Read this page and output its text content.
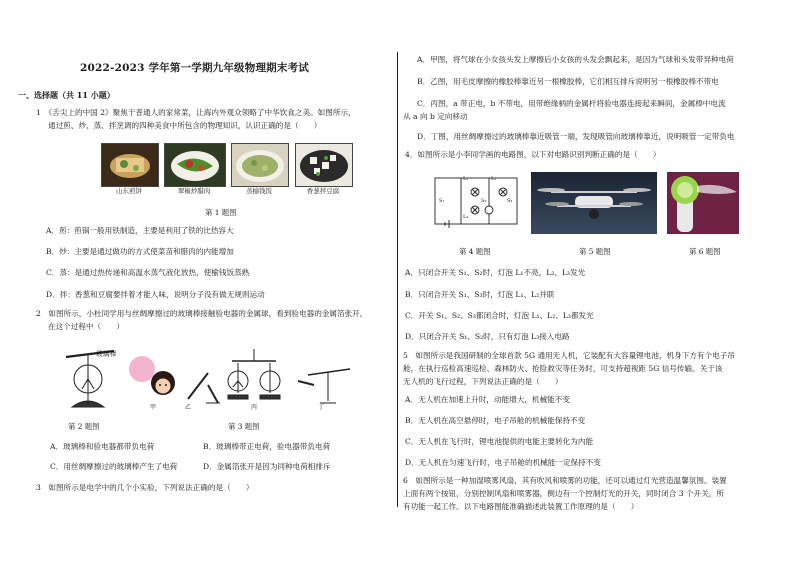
2022-2023 学年第一学期九年级物理期末考试
一、选择题（共 11 小题）
1　《舌尖上的中国 2》聚焦于普通人的家常菜，让海内外观众领略了中华饮食之美。如图所示，
通过煎、炒、蒸、拌烹调的四种美食中所包含的物理知识，认识正确的是（　　）
山东煎饼	翠椒炒腊肉	蒸榆钱饭	香葱拌豆腐
第 1 题图
A．煎：煎锅一般用铁制造，主要是利用了铁的比热容大
B．炒：主要是通过做功的方式使菜苗和腊肉的内能增加
C．蒸：是通过热传递和高温水蒸气液化放热，使榆钱饭蒸熟
D．拌：香葱和豆腐要拌着才能入味，说明分子没有做无规则运动
2　如图所示，小杜同学用与丝绸摩擦过的玻璃棒接触验电器的金属球，看到验电器的金属箔张开，
在这个过程中（　　）
玻璃棒
甲	乙	丙	丁
第 2 题图	第 3 题图
A．玻璃棒和验电器都带负电荷	B．玻璃棒带正电荷，验电器带负电荷
C．用丝绸摩擦过的玻璃棒产生了电荷	D．金属箔张开是因为同种电荷相排斥
3　如图所示是电学中的几个小实验，下列说法正确的是（　　）
A．甲图，将气球在小女孩头发上摩擦后小女孩的头发会飘起来，是因为气球和头发带异种电荷
B．乙图，用毛皮摩擦的橡胶棒靠近另一根橡胶棒，它们相互排斥说明另一根橡胶棒不带电
C．丙图，a 带正电，b 不带电，用带绝缘柄的金属杆将验电器连接起来瞬间，金属棒中电流
从 a 向 b 定向移动
D．丁图，用丝绸摩擦过的玻璃棒靠近吸管一端，发现吸管向玻璃棒靠近，说明吸管一定带负电
4．如图所示是小李同学画的电路图，以下对电路识别判断正确的是（　　）
L₁	L₂
L₃
S₁	S₂	S₃
第 4 题图	第 5 题图	第 6 题图
A．只闭合开关 S₁、S₂时，灯泡 L₁不亮，L₂、L₃发光
B．只闭合开关 S₁、S₃时，灯泡 L₁、L₂并联
C．开关 S₁、S₂、S₃都闭合时，灯泡 L₁、L₂、L₃都发光
D．只闭合开关 S₁、S₂时，只有灯泡 L₃接入电路
5　如图所示是我国研制的全球首款 5G 通用无人机，它装配有大容量锂电池，机身下方有个电子吊
舱，在执行巡检高速巡检、森林防火、抢险救灾等任务时，可支持超视距 5G 信号传输。关于该
无人机的飞行过程，下列说法正确的是（　　）
A．无人机在加速上升时，动能增大，机械能不变
B．无人机在高空悬停时，电子吊舱的机械能保持不变
C．无人机在飞行时，锂电池提供的电能主要转化为内能
D．无人机在匀速飞行时，电子吊舱的机械能一定保持不变
6　如图所示是一种加湿喷雾风扇，其有吹风和喷雾的功能，还可以通过灯光营造温馨氛围。装置
上面有两个按钮，分别控制风扇和喷雾器，侧边有一个控制灯光的开关，同时闭合 3 个开关，所
有功能一起工作。以下电路图能准确描述此装置工作原理的是（　　）
